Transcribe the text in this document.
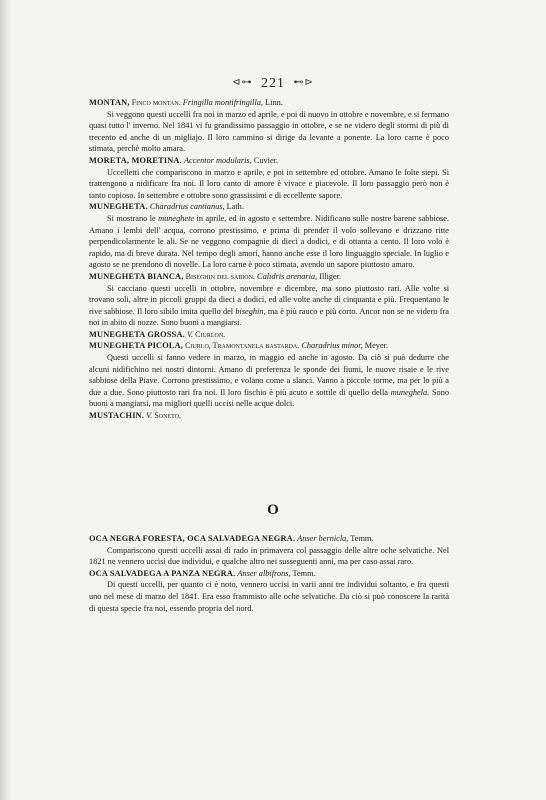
⊲⊶ 221 ⊷⊳

MONTAN, Finco montan. Fringilla montifringilla, Linn.

Si veggono questi uccelli fra noi in marzo ed aprile, e poi di nuovo in ottobre e novembre, e si fermano quasi tutto l' inverno. Nel 1841 vi fu grandissimo passaggio in ottobre, e se ne videro degli stormi di più di trecento ed anche di un migliajo. Il loro cammino si dirige da levante a ponente. La loro carne è poco stimata, perchè molto amara.

MORETA, MORETINA. Accentor modularis, Cuvier.

Uccelletti che compariscono in marzo e aprile, e poi in settembre ed ottobre. Amano le folte siepi. Si trattengono a nidificare fra noi. Il loro canto di amore è vivace e piacevole. Il loro passaggio però non è tanto copioso. In settembre e ottobre sono grassissimi e di eccellente sapore.

MUNEGHETA. Charadrius cantianus, Lath.

Si mostrano le muneghete in aprile, ed in agosto e settembre. Nidificano sulle nostre barene sabbiose. Amano i lembi dell' acqua, corrono prestissimo, e prima di prender il volo sollevano e drizzano ritte perpendicolarmente le ali. Se ne veggono compagnie di dieci a dodici, e di ottanta a cento. Il loro volo è rapido, ma di breve durata. Nel tempo degli amori, hanno anche esse il loro linguaggio speciale. In luglio e agosto se ne prendono di novelle. La loro carne è poco stimata, avendo un sapore piuttosto amaro.

MUNEGHETA BIANCA, Biseghin del sabion. Calidris arenaria, Illiger.

Si cacciano questi uccelli in ottobre, novembre e dicembre, ma sono piuttosto rari. Alle volte si trovano soli, altre in piccoli gruppi da dieci a dodici, ed alle volte anche di cinquanta e più. Frequentano le rive sabbiose. Il loro sibilo imita quello del biseghin, ma è più rauco e più corto. Ancor non se ne videro fra noi in abito di nozze. Sono buoni a mangiarsi.

MUNEGHETA GROSSA. V. Ciurlon.

MUNEGHETA PICOLA, Ciurlo, Tramontanela bastarda. Charadrius minor, Meyer.

Questi uccelli si fanno vedere in marzo, in maggio ed anche in agosto. Da ciò si può dedurre che alcuni nidifichino nei nostri dintorni. Amano di preferenza le sponde dei fiumi, le nuove risaie e le rive sabbiose della Piave. Corrono prestissimo, e volano come a slanci. Vanno a piccole torme, ma per lo più a due a due. Sono piuttosto rari fra noi. Il loro fischio è più acuto e sottile di quello della muneghela. Sono buoni a mangiarsi, ma migliori quelli uccisi nelle acque dolci.

MUSTACHIN. V. Soneto.

O

OCA NEGRA FORESTA, OCA SALVADEGA NEGRA. Anser bernicla, Temm.

Compariscono questi uccelli assai di rado in primavera col passaggio delle altre oche selvatiche. Nel 1821 ne vennero uccisi due individui, e qualche altro nei susseguenti anni, ma per caso assai raro.

OCA SALVADEGA A PANZA NEGRA. Anser albifrons, Temm.

Di questi uccelli, per quanto ci è noto, vennero uccisi in varii anni tre individui soltanto, e fra questi uno nel mese di marzo del 1841. Era esso frammisto alle oche selvatiche. Da ciò si può conoscere la rarità di questa specie fra noi, essendo propria del nord.
